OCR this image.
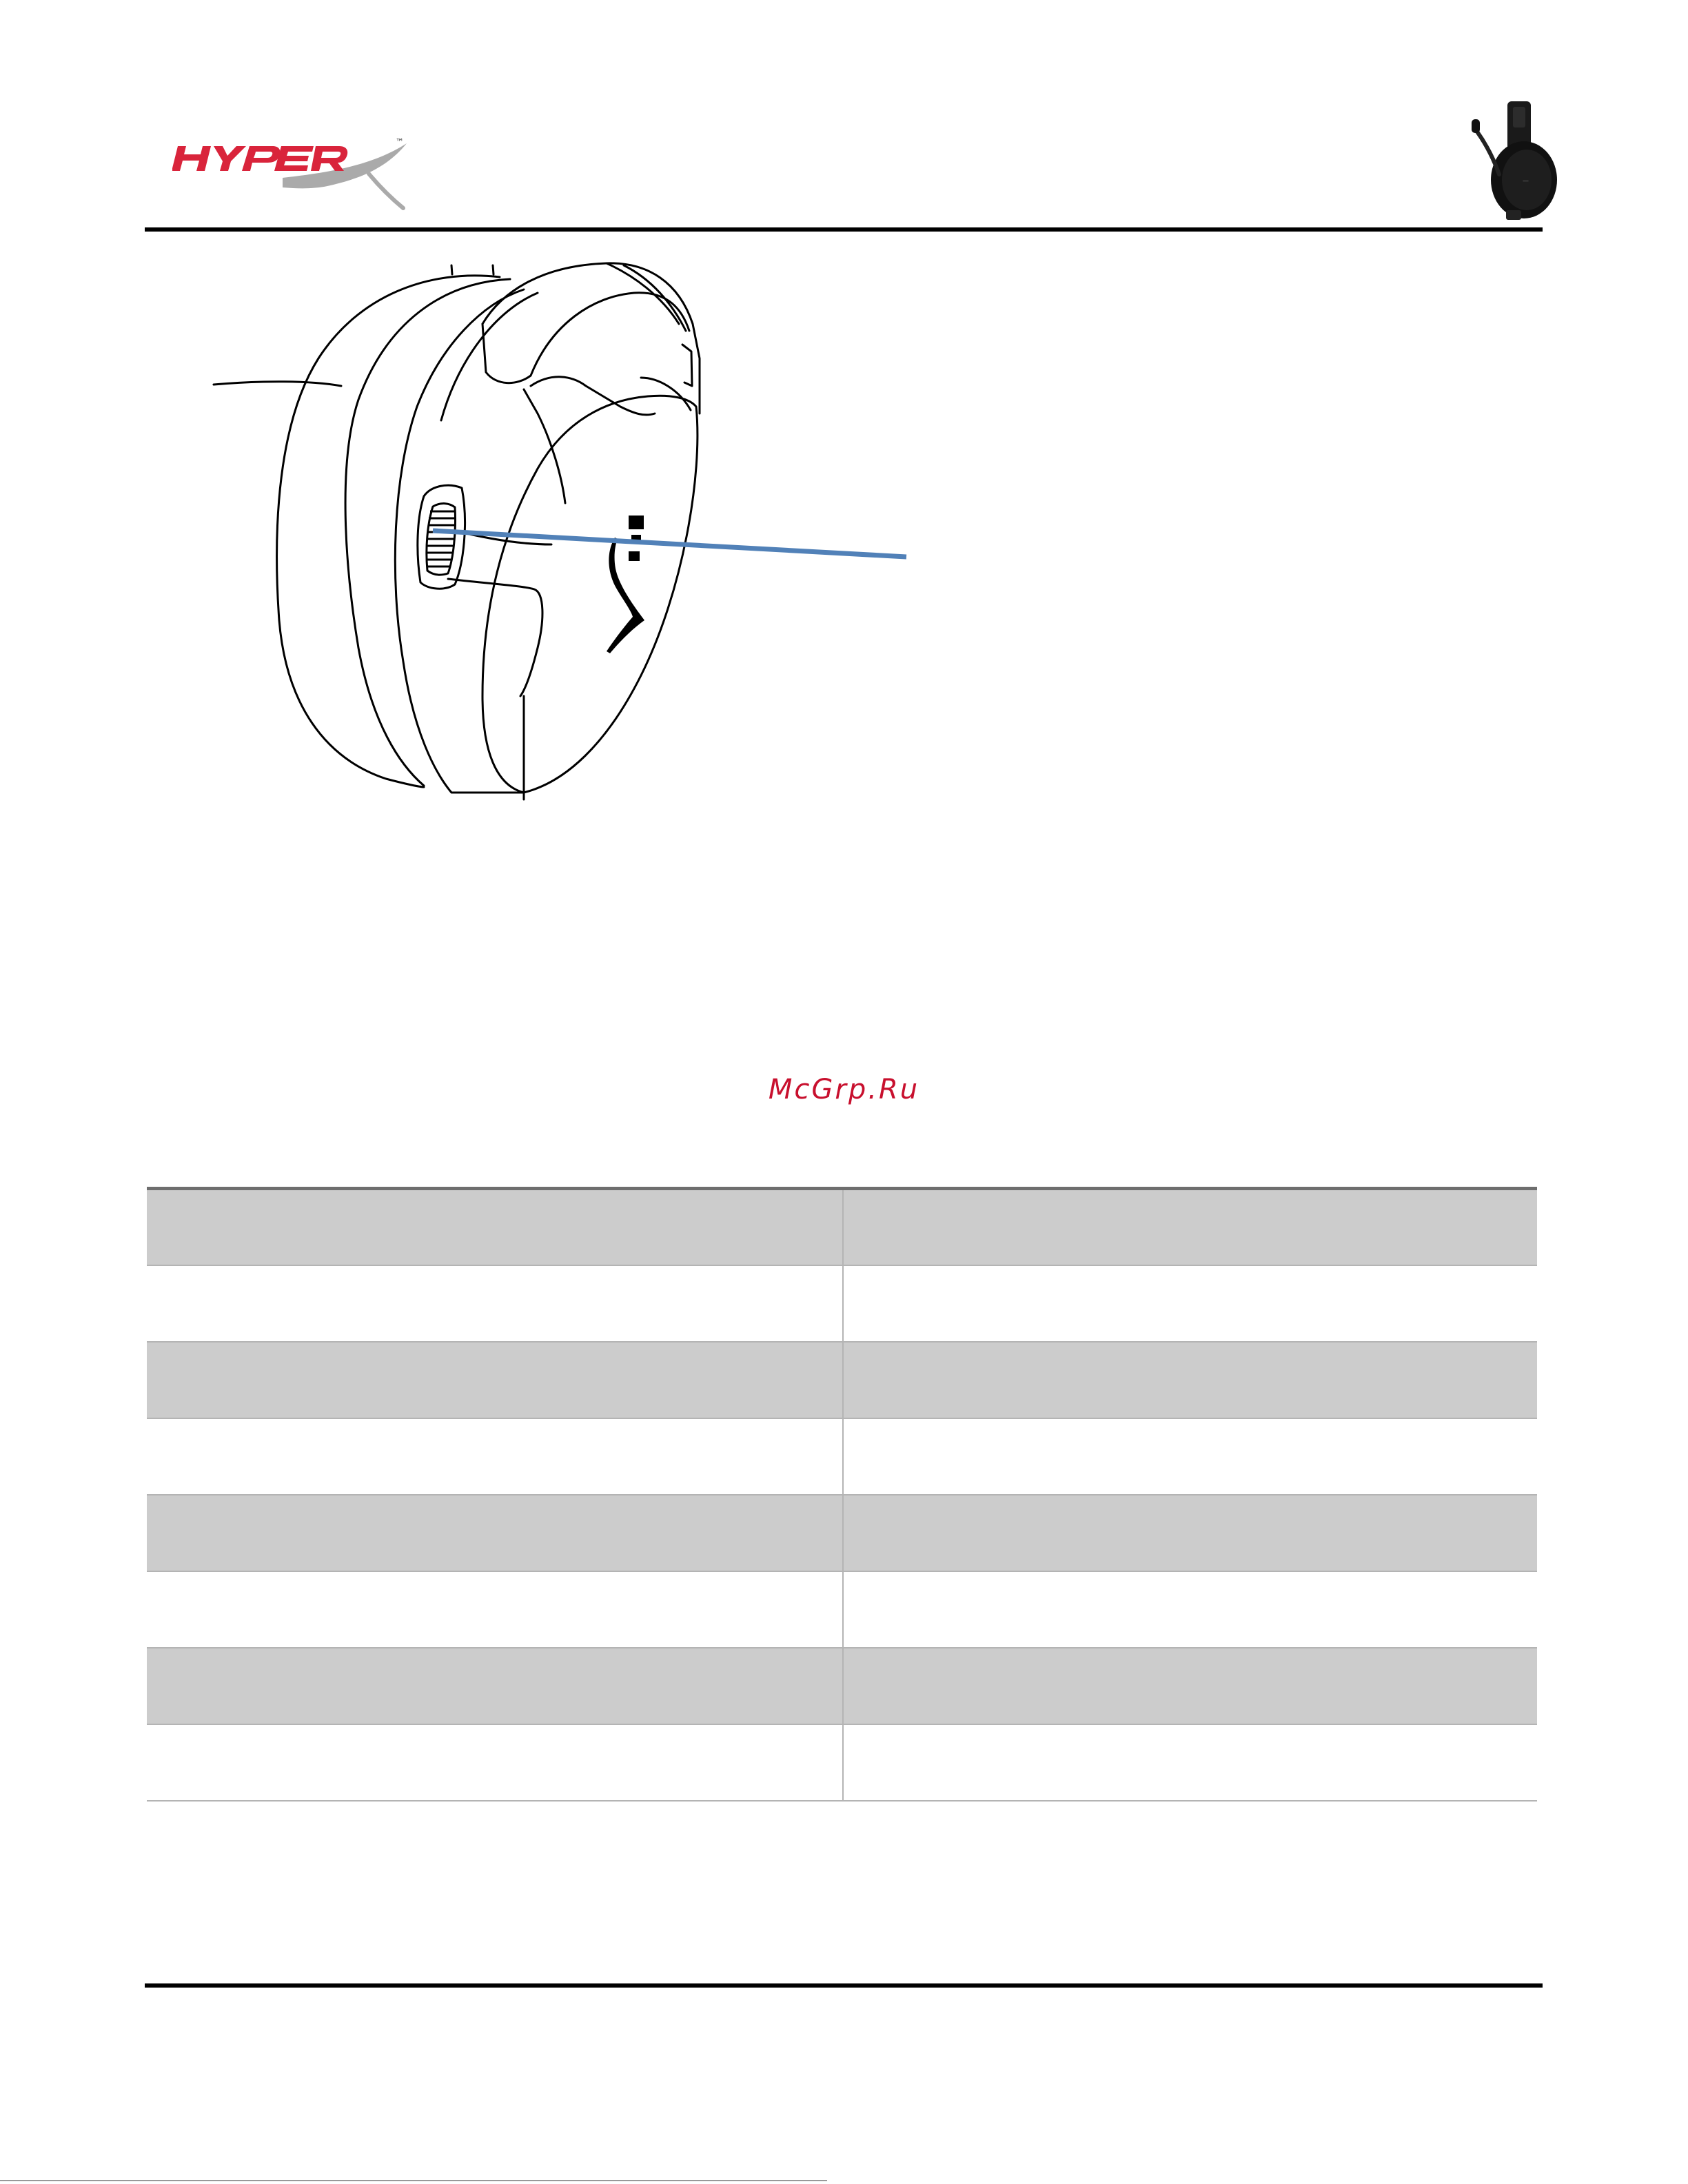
™
—
McGrp.Ru
